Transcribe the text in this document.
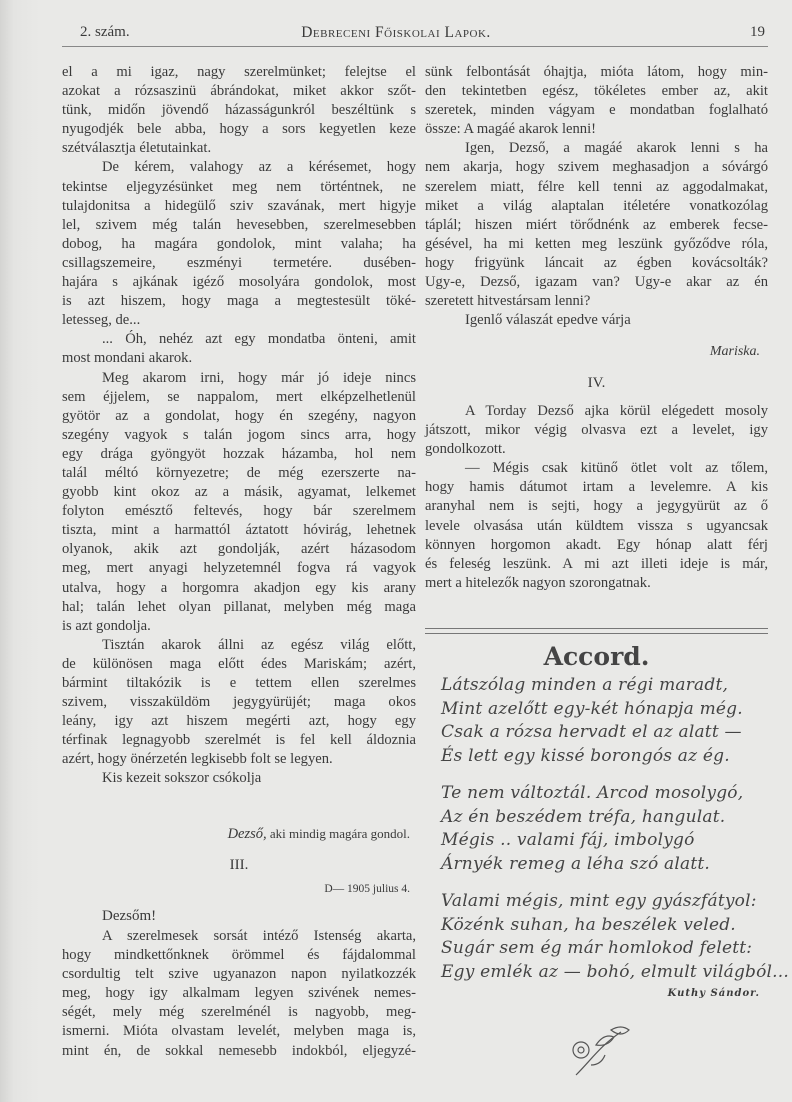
2. szám.	Debreceni Főiskolai Lapok.	19
el a mi igaz, nagy szerelmünket; felejtse el
azokat a rózsaszinü ábrándokat, miket akkor szőt-
tünk, midőn jövendő házasságunkról beszéltünk s
nyugodjék bele abba, hogy a sors kegyetlen keze
szétválasztja életutainkat.
De kérem, valahogy az a kérésemet, hogy
tekintse eljegyzésünket meg nem történtnek, ne
tulajdonitsa a hidegülő sziv szavának, mert higyje
lel, szivem még talán hevesebben, szerelmesebben
dobog, ha magára gondolok, mint valaha; ha
csillagszemeire, eszményi termetére. dusében-
hajára s ajkának igéző mosolyára gondolok, most
is azt hiszem, hogy maga a megtestesült töké-
letesseg, de...
... Óh, nehéz azt egy mondatba önteni, amit
most mondani akarok.
Meg akarom irni, hogy már jó ideje nincs
sem éjjelem, se nappalom, mert elképzelhetlenül
gyötör az a gondolat, hogy én szegény, nagyon
szegény vagyok s talán jogom sincs arra, hogy
egy drága gyöngyöt hozzak házamba, hol nem
talál méltó környezetre; de még ezerszerte na-
gyobb kint okoz az a másik, agyamat, lelkemet
folyton emésztő feltevés, hogy bár szerelmem
tiszta, mint a harmattól áztatott hóvirág, lehetnek
olyanok, akik azt gondolják, azért házasodom
meg, mert anyagi helyzetemnél fogva rá vagyok
utalva, hogy a horgomra akadjon egy kis arany
hal; talán lehet olyan pillanat, melyben még maga
is azt gondolja.
Tisztán akarok állni az egész világ előtt,
de különösen maga előtt édes Mariskám; azért,
bármint tiltakózik is e tettem ellen szerelmes
szivem, visszaküldöm jegygyürüjét; maga okos
leány, igy azt hiszem megérti azt, hogy egy
térfinak legnagyobb szerelmét is fel kell áldoznia
azért, hogy önérzetén legkisebb folt se legyen.
Kis kezeit sokszor csókolja
Dezső, aki mindig magára gondol.
III.
D— 1905 julius 4.
Dezsőm!
A szerelmesek sorsát intéző Istenség akarta,
hogy mindkettőnknek örömmel és fájdalommal
csordultig telt szive ugyanazon napon nyilatkozzék
meg, hogy igy alkalmam legyen szivének nemes-
ségét, mely még szerelménél is nagyobb, meg-
ismerni. Mióta olvastam levelét, melyben maga is,
mint én, de sokkal nemesebb indokból, eljegyzé-
sünk felbontását óhajtja, mióta látom, hogy min-
den tekintetben egész, tökéletes ember az, akit
szeretek, minden vágyam e mondatban foglalható
össze: A magáé akarok lenni!
Igen, Dezső, a magáé akarok lenni s ha
nem akarja, hogy szivem meghasadjon a sóvárgó
szerelem miatt, félre kell tenni az aggodalmakat,
miket a világ alaptalan itéletére vonatkozólag
táplál; hiszen miért törődnénk az emberek fecse-
gésével, ha mi ketten meg leszünk győződve róla,
hogy frigyünk láncait az égben kovácsolták?
Ugy-e, Dezső, igazam van? Ugy-e akar az én
szeretett hitvestársam lenni?
Igenlő válaszát epedve várja
Mariska.
IV.
A Torday Dezső ajka körül elégedett mosoly
játszott, mikor végig olvasva ezt a levelet, igy
gondolkozott.
— Mégis csak kitünő ötlet volt az tőlem,
hogy hamis dátumot irtam a levelemre. A kis
aranyhal nem is sejti, hogy a jegygyürüt az ő
levele olvasása után küldtem vissza s ugyancsak
könnyen horgomon akadt. Egy hónap alatt férj
és feleség leszünk. A mi azt illeti ideje is már,
mert a hitelezők nagyon szorongatnak.
Accord.
Látszólag minden a régi maradt,
Mint azelőtt egy-két hónapja még.
Csak a rózsa hervadt el az alatt —
És lett egy kissé borongós az ég.
Te nem változtál. Arcod mosolygó,
Az én beszédem tréfa, hangulat.
Mégis .. valami fáj, imbolygó
Árnyék remeg a léha szó alatt.
Valami mégis, mint egy gyászfátyol:
Közénk suhan, ha beszélek veled.
Sugár sem ég már homlokod felett:
Egy emlék az — bohó, elmult világból...
Kuthy Sándor.
